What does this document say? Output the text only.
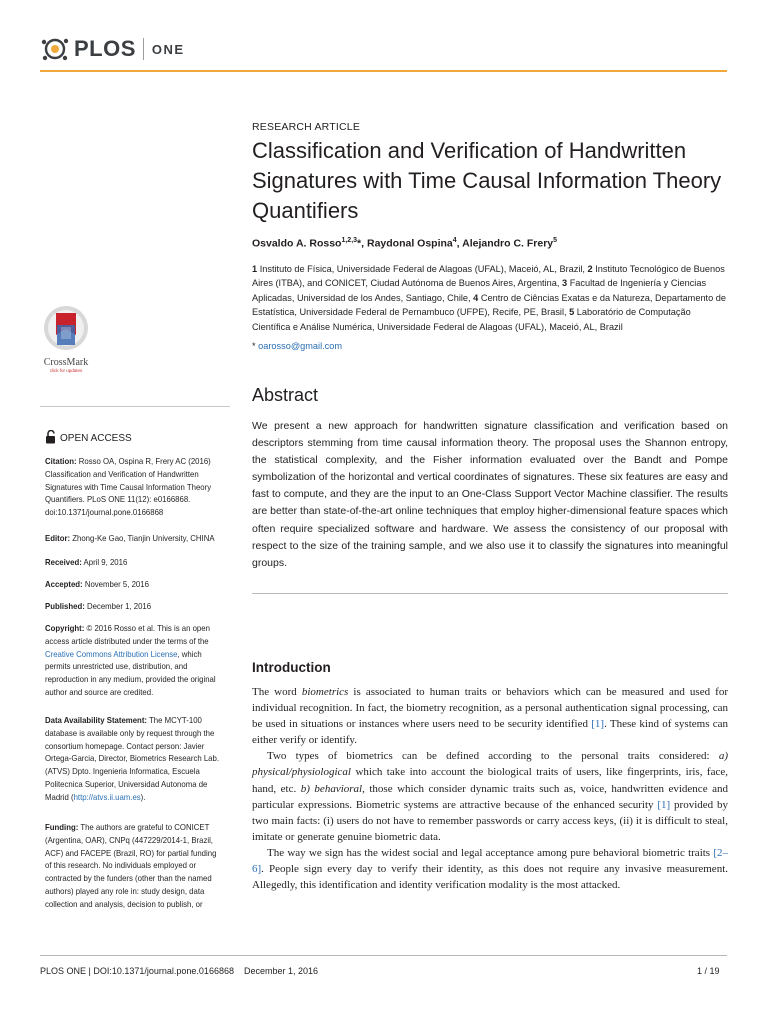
PLOS ONE
RESEARCH ARTICLE
Classification and Verification of Handwritten Signatures with Time Causal Information Theory Quantifiers
Osvaldo A. Rosso$^{1,2,3}$*, Raydonal Ospina$^4$, Alejandro C. Frery$^5$
1 Instituto de Física, Universidade Federal de Alagoas (UFAL), Maceió, AL, Brazil, 2 Instituto Tecnológico de Buenos Aires (ITBA), and CONICET, Ciudad Autónoma de Buenos Aires, Argentina, 3 Facultad de Ingeniería y Ciencias Aplicadas, Universidad de los Andes, Santiago, Chile, 4 Centro de Ciências Exatas e da Natureza, Departamento de Estatística, Universidade Federal de Pernambuco (UFPE), Recife, PE, Brasil, 5 Laboratório de Computação Científica e Análise Numérica, Universidade Federal de Alagoas (UFAL), Maceió, AL, Brazil
* oarosso@gmail.com
CrossMark
click for updates
OPEN ACCESS
Citation: Rosso OA, Ospina R, Frery AC (2016) Classification and Verification of Handwritten Signatures with Time Causal Information Theory Quantifiers. PLoS ONE 11(12): e0166868. doi:10.1371/journal.pone.0166868
Editor: Zhong-Ke Gao, Tianjin University, CHINA
Received: April 9, 2016
Accepted: November 5, 2016
Published: December 1, 2016
Copyright: © 2016 Rosso et al. This is an open access article distributed under the terms of the Creative Commons Attribution License, which permits unrestricted use, distribution, and reproduction in any medium, provided the original author and source are credited.
Data Availability Statement: The MCYT-100 database is available only by request through the consortium homepage. Contact person: Javier Ortega-Garcia, Director, Biometrics Research Lab. (ATVS) Dpto. Ingenieria Informatica, Escuela Politecnica Superior, Universidad Autonoma de Madrid (http://atvs.ii.uam.es).
Funding: The authors are grateful to CONICET (Argentina, OAR), CNPq (447229/2014-1, Brazil, ACF) and FACEPE (Brazil, RO) for partial funding of this research. No individuals employed or contracted by the funders (other than the named authors) played any role in: study design, data collection and analysis, decision to publish, or
Abstract
We present a new approach for handwritten signature classification and verification based on descriptors stemming from time causal information theory. The proposal uses the Shannon entropy, the statistical complexity, and the Fisher information evaluated over the Bandt and Pompe symbolization of the horizontal and vertical coordinates of signatures. These six features are easy and fast to compute, and they are the input to an One-Class Support Vector Machine classifier. The results are better than state-of-the-art online techniques that employ higher-dimensional feature spaces which often require specialized software and hardware. We assess the consistency of our proposal with respect to the size of the training sample, and we also use it to classify the signatures into meaningful groups.
Introduction

The word biometrics is associated to human traits or behaviors which can be measured and used for individual recognition. In fact, the biometry recognition, as a personal authentication signal processing, can be used in situations or instances where users need to be security identified [1]. These kind of systems can either verify or identify.

Two types of biometrics can be defined according to the personal traits considered: a) physical/physiological which take into account the biological traits of users, like fingerprints, iris, face, hand, etc. b) behavioral, those which consider dynamic traits such as, voice, handwritten evidence and particular expressions. Biometric systems are attractive because of the enhanced security [1] provided by two main facts: (i) users do not have to remember passwords or carry access keys, (ii) it is difficult to steal, imitate or generate genuine biometric data.

The way we sign has the widest social and legal acceptance among pure behavioral biometric traits [2–6]. People sign every day to verify their identity, as this does not require any invasive measurement. Allegedly, this identification and identity verification modality is the most attacked.

PLOS ONE | DOI:10.1371/journal.pone.0166868    December 1, 2016	1 / 19
